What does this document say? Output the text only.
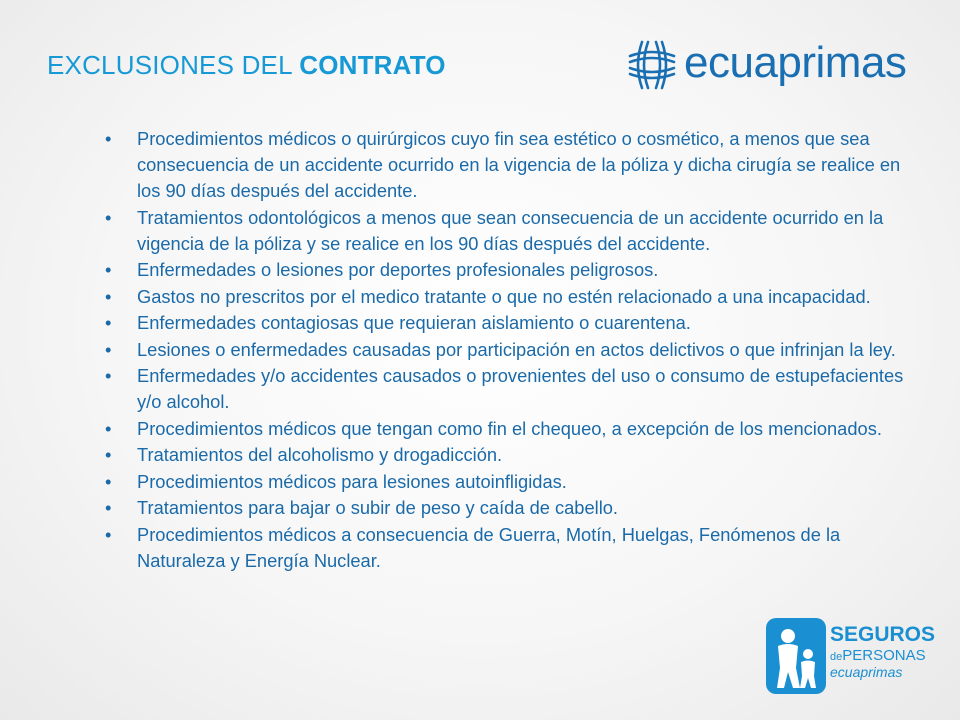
EXCLUSIONES DEL CONTRATO	ecuaprimas
• Procedimientos médicos o quirúrgicos cuyo fin sea estético o cosmético, a menos que sea consecuencia de un accidente ocurrido en la vigencia de la póliza y dicha cirugía se realice en los 90 días después del accidente.
• Tratamientos odontológicos a menos que sean consecuencia de un accidente ocurrido en la vigencia de la póliza y se realice en los 90 días después del accidente.
• Enfermedades o lesiones por deportes profesionales peligrosos.
• Gastos no prescritos por el medico tratante o que no estén relacionado a una incapacidad.
• Enfermedades contagiosas que requieran aislamiento o cuarentena.
• Lesiones o enfermedades causadas por participación en actos delictivos o que infrinjan la ley.
• Enfermedades y/o accidentes causados o provenientes del uso o consumo de estupefacientes y/o alcohol.
• Procedimientos médicos que tengan como fin el chequeo, a excepción de los mencionados.
• Tratamientos del alcoholismo y drogadicción.
• Procedimientos médicos para lesiones autoinfligidas.
• Tratamientos para bajar o subir de peso y caída de cabello.
• Procedimientos médicos a consecuencia de Guerra, Motín, Huelgas, Fenómenos de la Naturaleza y Energía Nuclear.
SEGUROS
dePERSONAS
ecuaprimas
